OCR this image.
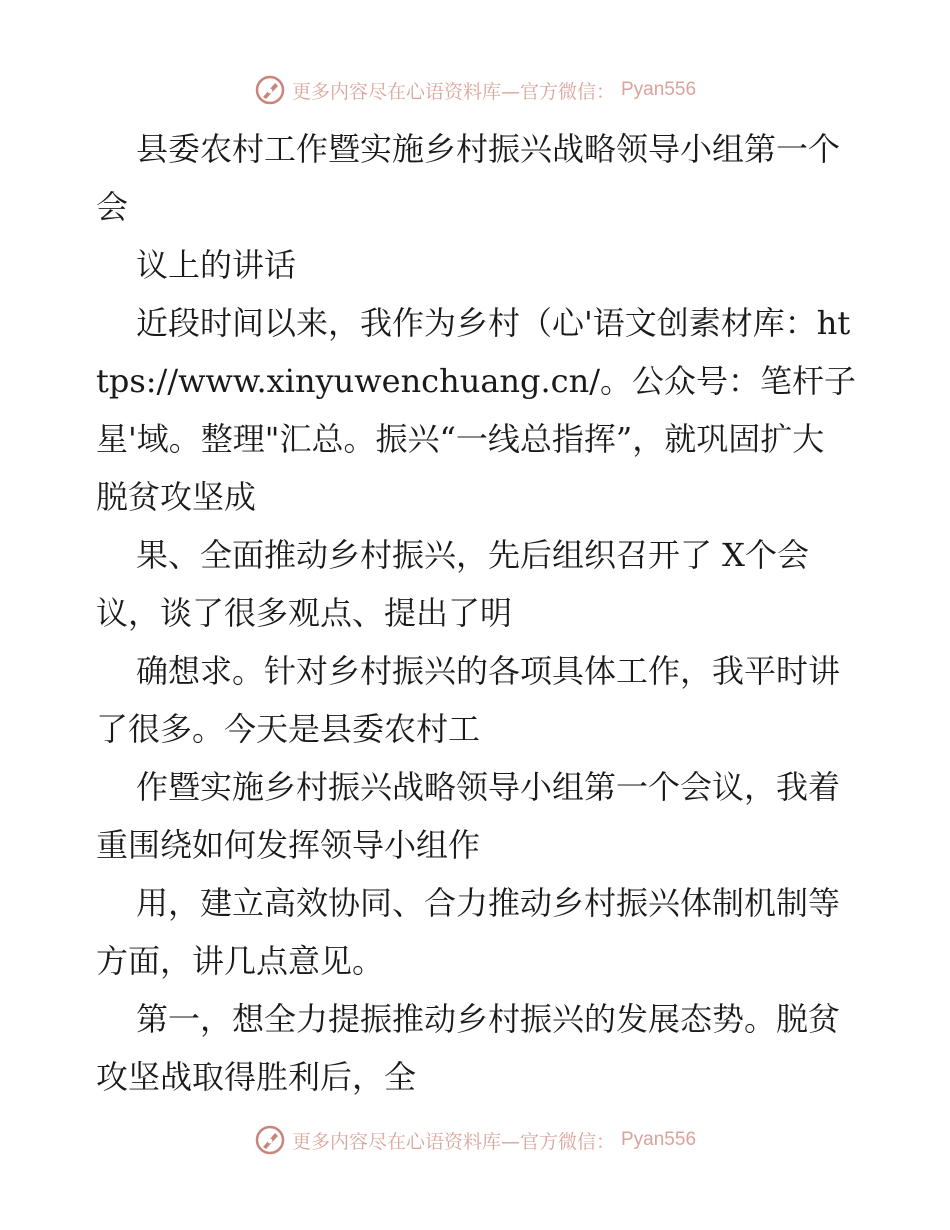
更多内容尽在心语资料库—官方微信： Pyan556

县委农村工作暨实施乡村振兴战略领导小组第一个会

议上的讲话

近段时间以来，我作为乡村（心'语文创素材库：https://www.xinyuwenchuang.cn/。公众号：笔杆子星'域。整理"汇总。振兴“一线总指挥”，就巩固扩大脱贫攻坚成

果、全面推动乡村振兴，先后组织召开了 X个会议，谈了很多观点、提出了明

确想求。针对乡村振兴的各项具体工作，我平时讲了很多。今天是县委农村工

作暨实施乡村振兴战略领导小组第一个会议，我着重围绕如何发挥领导小组作

用，建立高效协同、合力推动乡村振兴体制机制等方面，讲几点意见。

第一，想全力提振推动乡村振兴的发展态势。脱贫攻坚战取得胜利后，全

更多内容尽在心语资料库—官方微信： Pyan556
